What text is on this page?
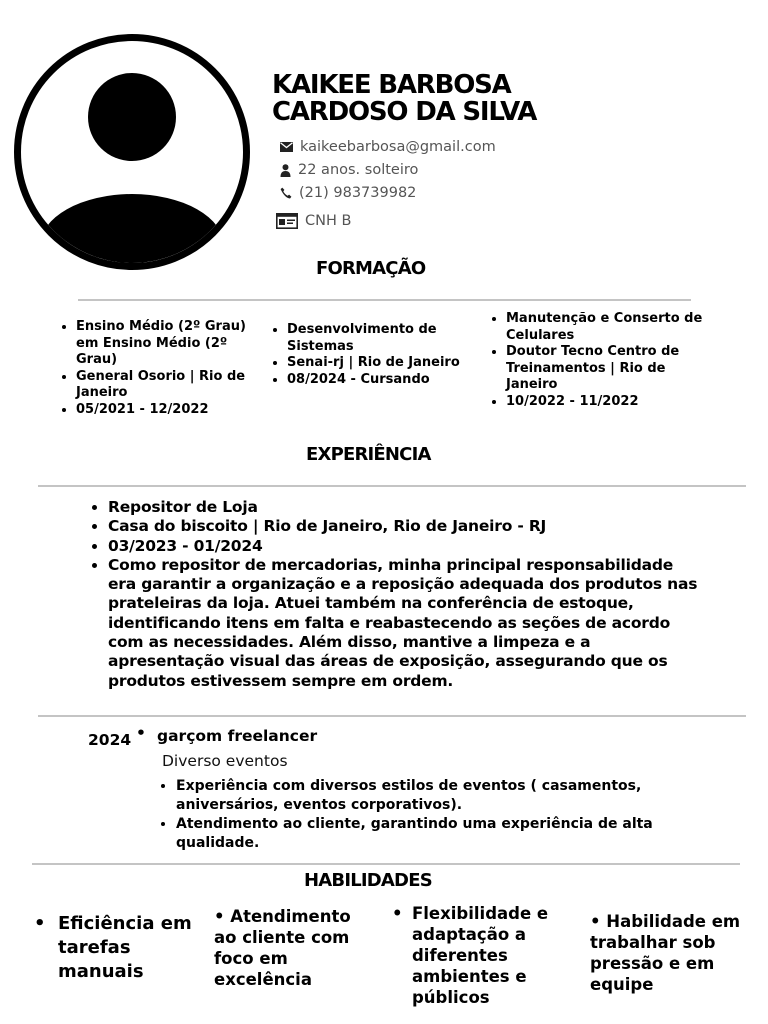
KAIKEE BARBOSA
CARDOSO DA SILVA
kaikeebarbosa@gmail.com
22 anos. solteiro
(21) 983739982
CNH B
FORMAÇÃO
• Ensino Médio (2º Grau) em Ensino Médio (2º Grau)
• General Osorio | Rio de Janeiro
• 05/2021 - 12/2022
• Desenvolvimento de Sistemas
• Senai-rj | Rio de Janeiro
• 08/2024 - Cursando
• Manutenção e Conserto de Celulares
• Doutor Tecno Centro de Treinamentos | Rio de Janeiro
• 10/2022 - 11/2022
EXPERIÊNCIA
• Repositor de Loja
• Casa do biscoito | Rio de Janeiro, Rio de Janeiro - RJ
• 03/2023 - 01/2024
• Como repositor de mercadorias, minha principal responsabilidade era garantir a organização e a reposição adequada dos produtos nas prateleiras da loja. Atuei também na conferência de estoque, identificando itens em falta e reabastecendo as seções de acordo com as necessidades. Além disso, mantive a limpeza e a apresentação visual das áreas de exposição, assegurando que os produtos estivessem sempre em ordem.
2024 • garçom freelancer
Diverso eventos
• Experiência com diversos estilos de eventos ( casamentos, aniversários, eventos corporativos).
• Atendimento ao cliente, garantindo uma experiência de alta qualidade.
HABILIDADES
• Eficiência em tarefas manuais
• Atendimento ao cliente com foco em excelência
• Flexibilidade e adaptação a diferentes ambientes e públicos
• Habilidade em trabalhar sob pressão e em equipe
